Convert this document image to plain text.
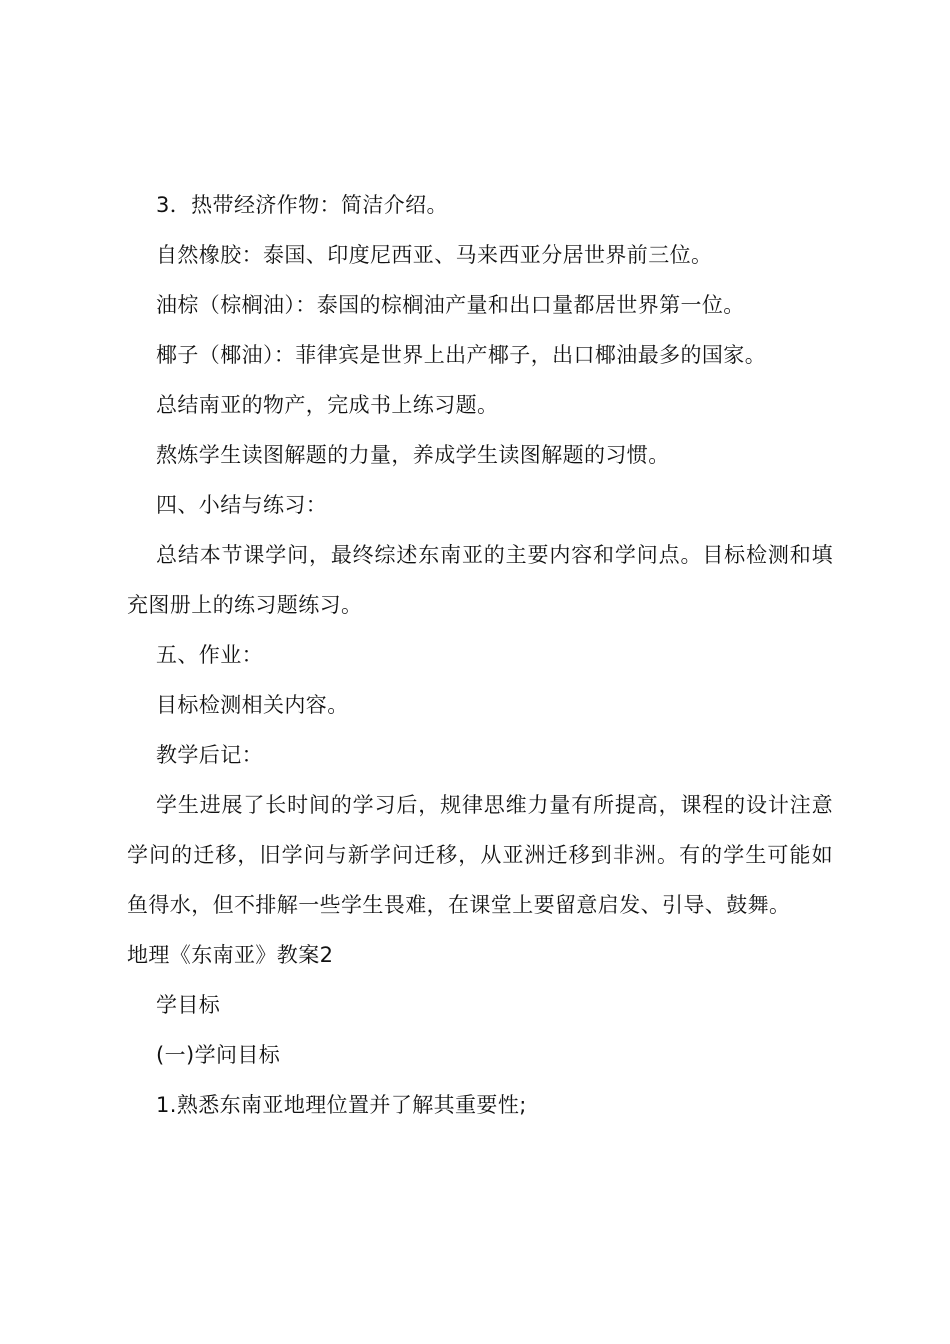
3．热带经济作物：简洁介绍。

自然橡胶：泰国、印度尼西亚、马来西亚分居世界前三位。

油棕（棕榈油）：泰国的棕榈油产量和出口量都居世界第一位。

椰子（椰油）：菲律宾是世界上出产椰子，出口椰油最多的国家。

总结南亚的物产，完成书上练习题。

熬炼学生读图解题的力量，养成学生读图解题的习惯。

四、小结与练习：

总结本节课学问，最终综述东南亚的主要内容和学问点。目标检测和填充图册上的练习题练习。

五、作业：

目标检测相关内容。

教学后记：

学生进展了长时间的学习后，规律思维力量有所提高，课程的设计注意学问的迁移，旧学问与新学问迁移，从亚洲迁移到非洲。有的学生可能如鱼得水，但不排解一些学生畏难，在课堂上要留意启发、引导、鼓舞。

地理《东南亚》教案2

学目标

(一)学问目标

1.熟悉东南亚地理位置并了解其重要性;
